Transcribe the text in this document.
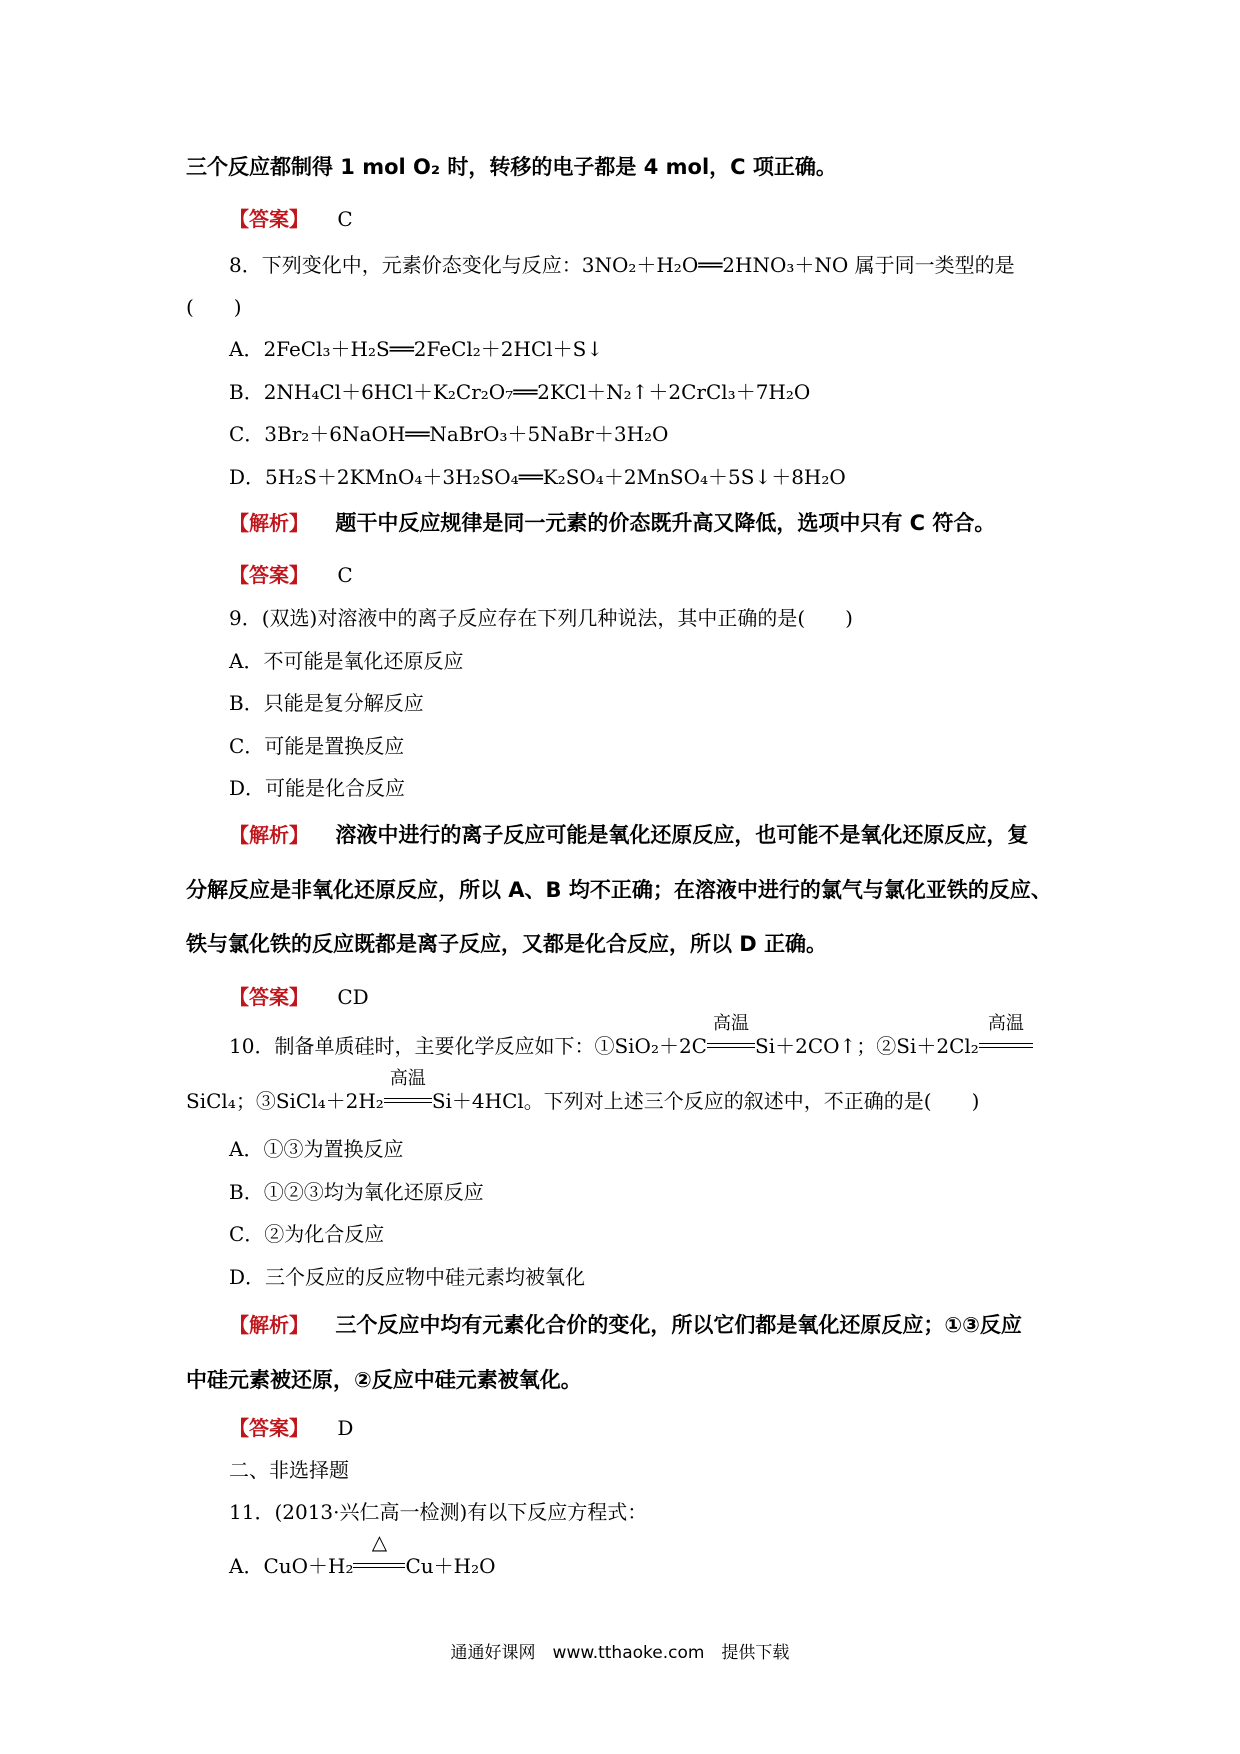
三个反应都制得 1 mol O₂ 时，转移的电子都是 4 mol，C 项正确。
【答案】 C
8．下列变化中，元素价态变化与反应：3NO₂＋H₂O══2HNO₃＋NO 属于同一类型的是
(　　)
A．2FeCl₃＋H₂S══2FeCl₂＋2HCl＋S↓
B．2NH₄Cl＋6HCl＋K₂Cr₂O₇══2KCl＋N₂↑＋2CrCl₃＋7H₂O
C．3Br₂＋6NaOH══NaBrO₃＋5NaBr＋3H₂O
D．5H₂S＋2KMnO₄＋3H₂SO₄══K₂SO₄＋2MnSO₄＋5S↓＋8H₂O
【解析】 题干中反应规律是同一元素的价态既升高又降低，选项中只有 C 符合。
【答案】 C
9．(双选)对溶液中的离子反应存在下列几种说法，其中正确的是(　　)
A．不可能是氧化还原反应
B．只能是复分解反应
C．可能是置换反应
D．可能是化合反应
【解析】 溶液中进行的离子反应可能是氧化还原反应，也可能不是氧化还原反应，复
分解反应是非氧化还原反应，所以 A、B 均不正确；在溶液中进行的氯气与氯化亚铁的反应、
铁与氯化铁的反应既都是离子反应，又都是化合反应，所以 D 正确。
【答案】 CD
10．制备单质硅时，主要化学反应如下：①SiO₂＋2C
高温
Si＋2CO↑；②Si＋2Cl₂
高温
SiCl₄；③SiCl₄＋2H₂
高温
Si＋4HCl。下列对上述三个反应的叙述中，不正确的是(　　)
A．①③为置换反应
B．①②③均为氧化还原反应
C．②为化合反应
D．三个反应的反应物中硅元素均被氧化
【解析】 三个反应中均有元素化合价的变化，所以它们都是氧化还原反应；①③反应
中硅元素被还原，②反应中硅元素被氧化。
【答案】 D
二、非选择题
11．(2013·兴仁高一检测)有以下反应方程式：
A．CuO＋H₂
△
Cu＋H₂O
通通好课网　www.tthaoke.com　提供下载
